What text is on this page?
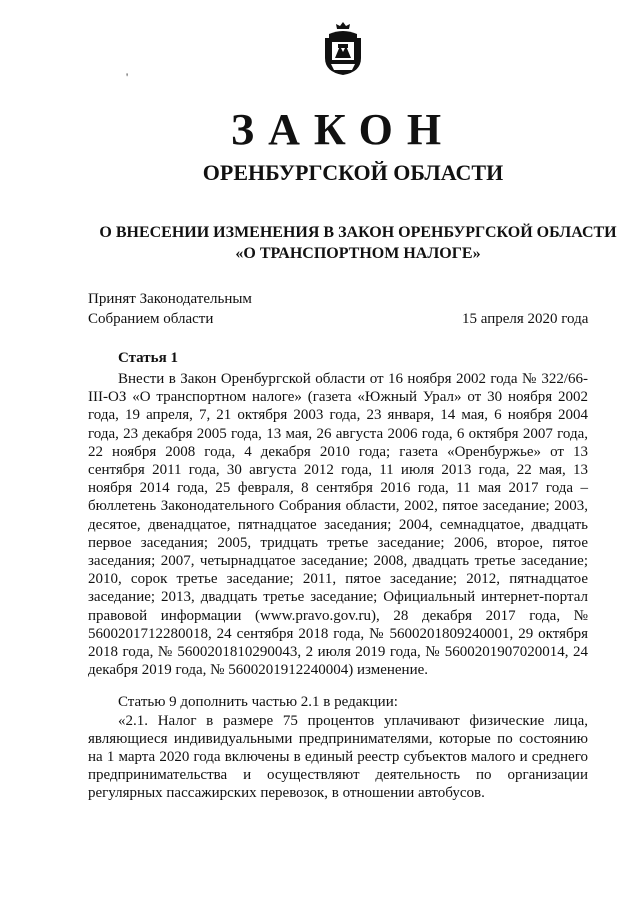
'
ЗАКОН
ОРЕНБУРГСКОЙ ОБЛАСТИ
О ВНЕСЕНИИ ИЗМЕНЕНИЯ В ЗАКОН ОРЕНБУРГСКОЙ ОБЛАСТИ
«О ТРАНСПОРТНОМ НАЛОГЕ»
Принят Законодательным
Собранием области	15 апреля 2020 года
Статья 1

Внести в Закон Оренбургской области от 16 ноября 2002 года № 322/66-III-ОЗ «О транспортном налоге» (газета «Южный Урал» от 30 ноября 2002 года, 19 апреля, 7, 21 октября 2003 года, 23 января, 14 мая, 6 ноября 2004 года, 23 декабря 2005 года, 13 мая, 26 августа 2006 года, 6 октября 2007 года, 22 ноября 2008 года, 4 декабря 2010 года; газета «Оренбуржье» от 13 сентября 2011 года, 30 августа 2012 года, 11 июля 2013 года, 22 мая, 13 ноября 2014 года, 25 февраля, 8 сентября 2016 года, 11 мая 2017 года – бюллетень Законодательного Собрания области, 2002, пятое заседание; 2003, десятое, двенадцатое, пятнадцатое заседания; 2004, семнадцатое, двадцать первое заседания; 2005, тридцать третье заседание; 2006, второе, пятое заседания; 2007, четырнадцатое заседание; 2008, двадцать третье заседание; 2010, сорок третье заседание; 2011, пятое заседание; 2012, пятнадцатое заседание; 2013, двадцать третье заседание; Официальный интернет-портал правовой информации (www.pravo.gov.ru), 28 декабря 2017 года, № 5600201712280018, 24 сентября 2018 года, № 5600201809240001, 29 октября 2018 года, № 5600201810290043, 2 июля 2019 года, № 5600201907020014, 24 декабря 2019 года, № 5600201912240004) изменение.

Статью 9 дополнить частью 2.1 в редакции:

«2.1. Налог в размере 75 процентов уплачивают физические лица, являющиеся индивидуальными предпринимателями, которые по состоянию на 1 марта 2020 года включены в единый реестр субъектов малого и среднего предпринимательства и осуществляют деятельность по организации регулярных пассажирских перевозок, в отношении автобусов.
